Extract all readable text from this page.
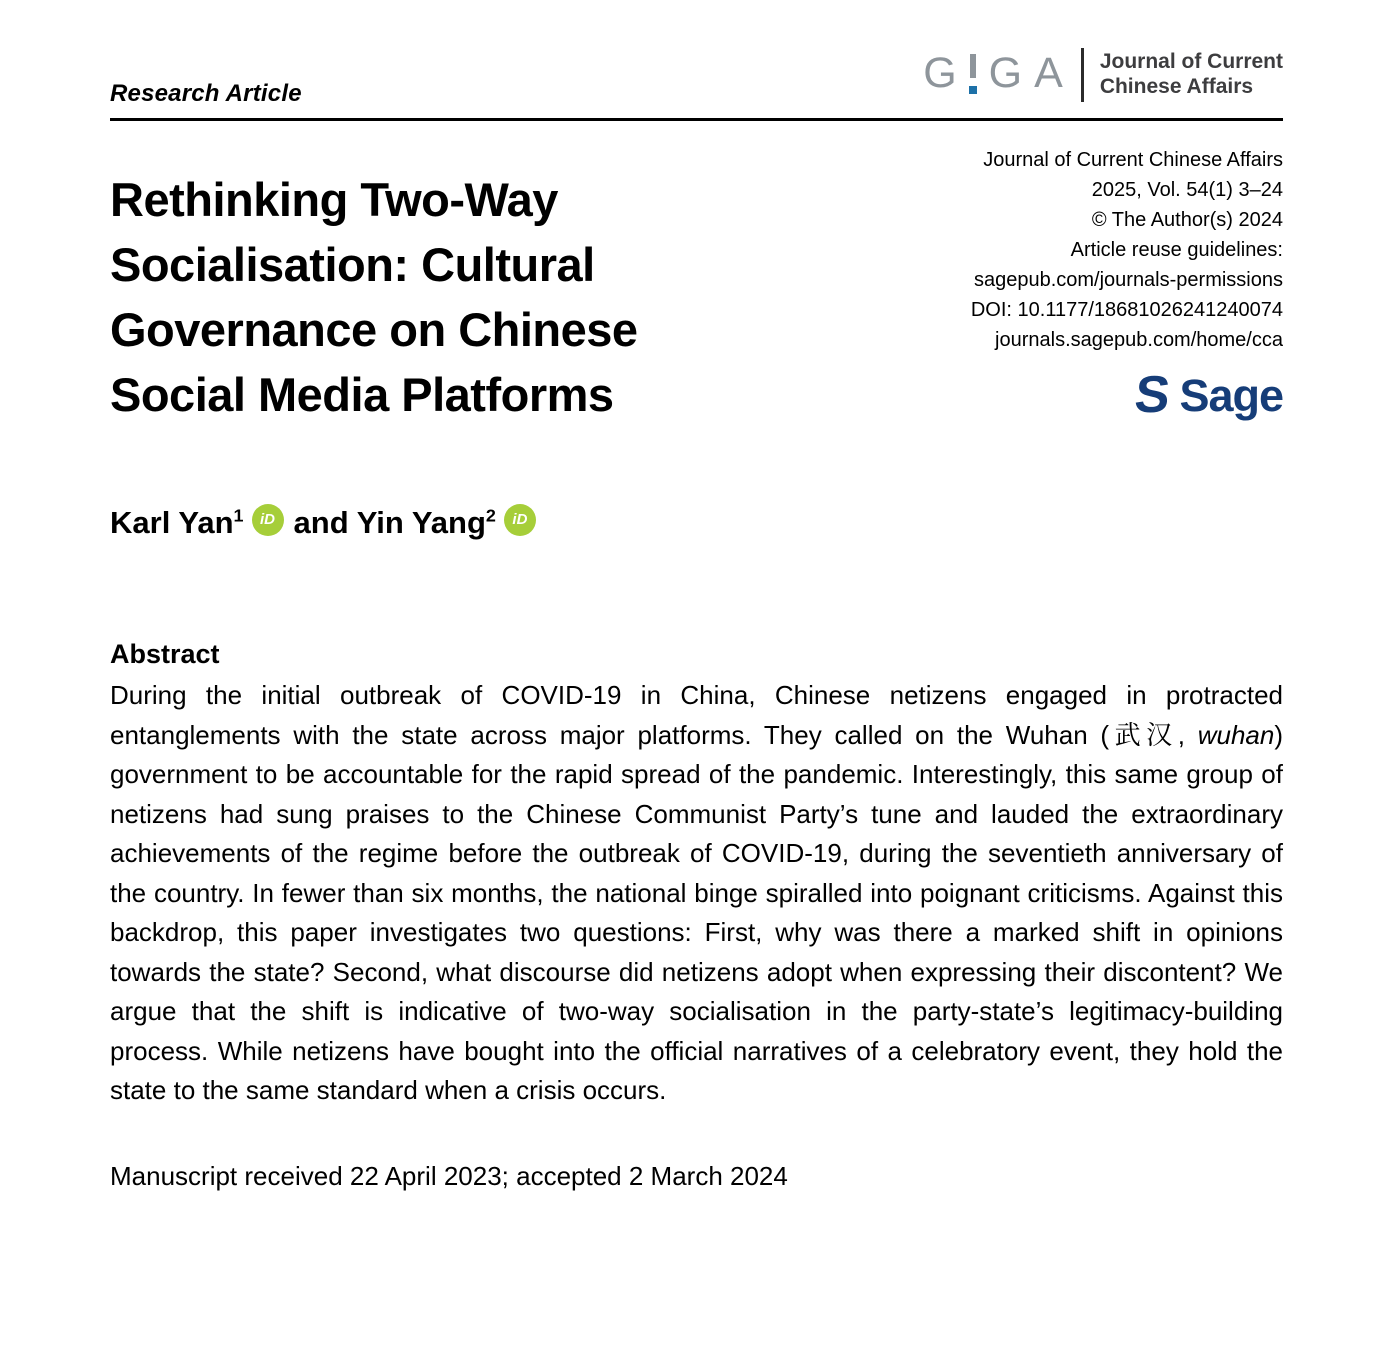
Research Article	G G A Journal of Current
Chinese Affairs
Rethinking Two-Way
Socialisation: Cultural
Governance on Chinese
Social Media Platforms
Journal of Current Chinese Affairs
2025, Vol. 54(1) 3–24
© The Author(s) 2024
Article reuse guidelines:
sagepub.com/journals-permissions
DOI: 10.1177/18681026241240074
journals.sagepub.com/home/cca
S Sage
Karl Yan$^1$ iD and Yin Yang$^2$ iD
Abstract

During the initial outbreak of COVID-19 in China, Chinese netizens engaged in protracted entanglements with the state across major platforms. They called on the Wuhan (武汉, wuhan) government to be accountable for the rapid spread of the pandemic. Interestingly, this same group of netizens had sung praises to the Chinese Communist Party’s tune and lauded the extraordinary achievements of the regime before the outbreak of COVID-19, during the seventieth anniversary of the country. In fewer than six months, the national binge spiralled into poignant criticisms. Against this backdrop, this paper investigates two questions: First, why was there a marked shift in opinions towards the state? Second, what discourse did netizens adopt when expressing their discontent? We argue that the shift is indicative of two-way socialisation in the party-state’s legitimacy-building process. While netizens have bought into the official narratives of a celebratory event, they hold the state to the same standard when a crisis occurs.

Manuscript received 22 April 2023; accepted 2 March 2024
